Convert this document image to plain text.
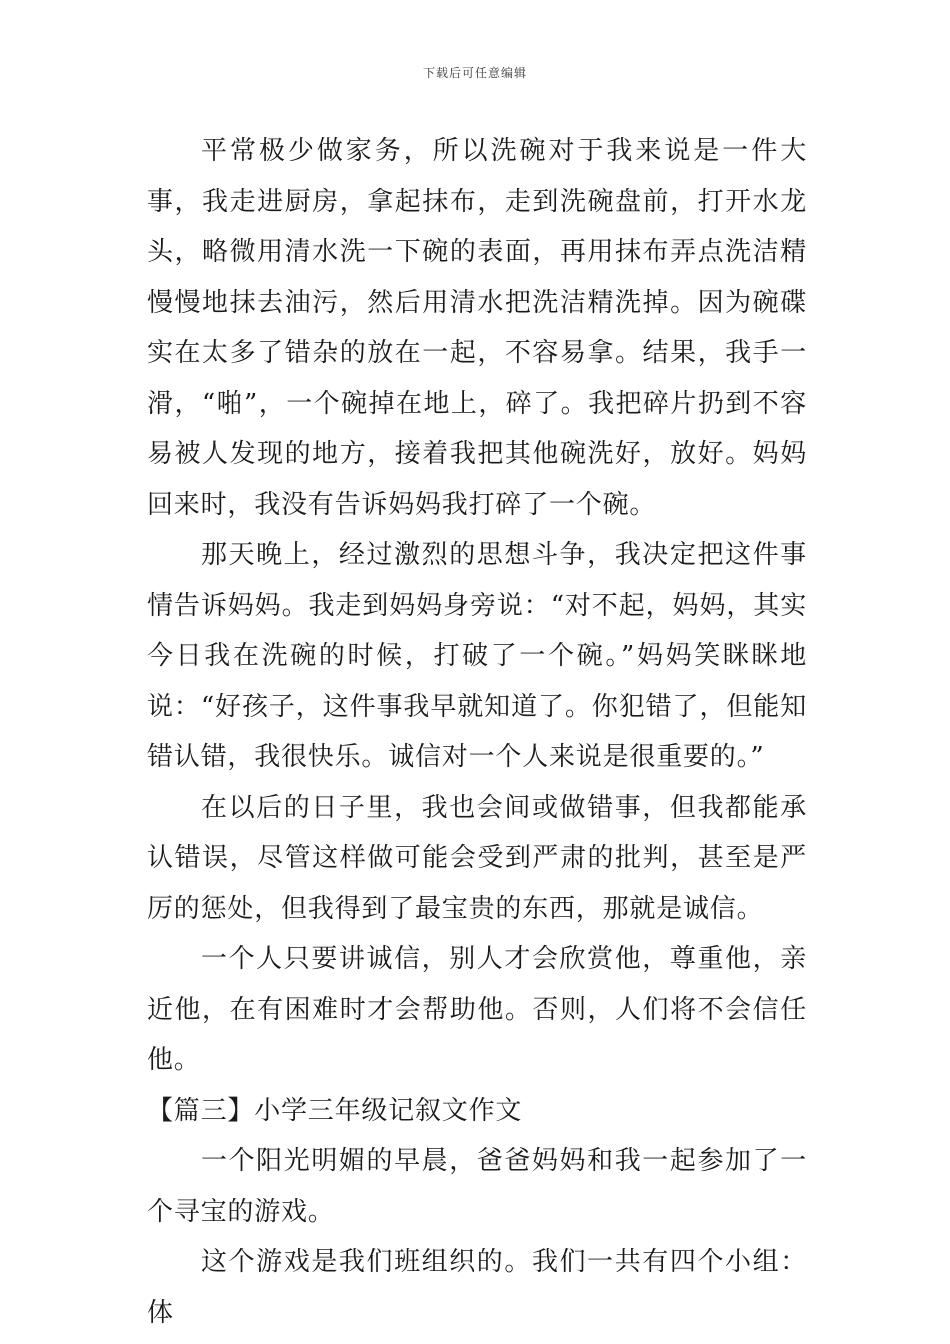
下载后可任意编辑

平常极少做家务，所以洗碗对于我来说是一件大事，我走进厨房，拿起抹布，走到洗碗盘前，打开水龙头，略微用清水洗一下碗的表面，再用抹布弄点洗洁精慢慢地抹去油污，然后用清水把洗洁精洗掉。因为碗碟实在太多了错杂的放在一起，不容易拿。结果，我手一滑，“啪”，一个碗掉在地上，碎了。我把碎片扔到不容易被人发现的地方，接着我把其他碗洗好，放好。妈妈回来时，我没有告诉妈妈我打碎了一个碗。

那天晚上，经过激烈的思想斗争，我决定把这件事情告诉妈妈。我走到妈妈身旁说：“对不起，妈妈，其实今日我在洗碗的时候，打破了一个碗。”妈妈笑眯眯地说：“好孩子，这件事我早就知道了。你犯错了，但能知错认错，我很快乐。诚信对一个人来说是很重要的。”

在以后的日子里，我也会间或做错事，但我都能承认错误，尽管这样做可能会受到严肃的批判，甚至是严厉的惩处，但我得到了最宝贵的东西，那就是诚信。

一个人只要讲诚信，别人才会欣赏他，尊重他，亲近他，在有困难时才会帮助他。否则，人们将不会信任他。

【篇三】小学三年级记叙文作文

一个阳光明媚的早晨，爸爸妈妈和我一起参加了一个寻宝的游戏。

这个游戏是我们班组织的。我们一共有四个小组：体
